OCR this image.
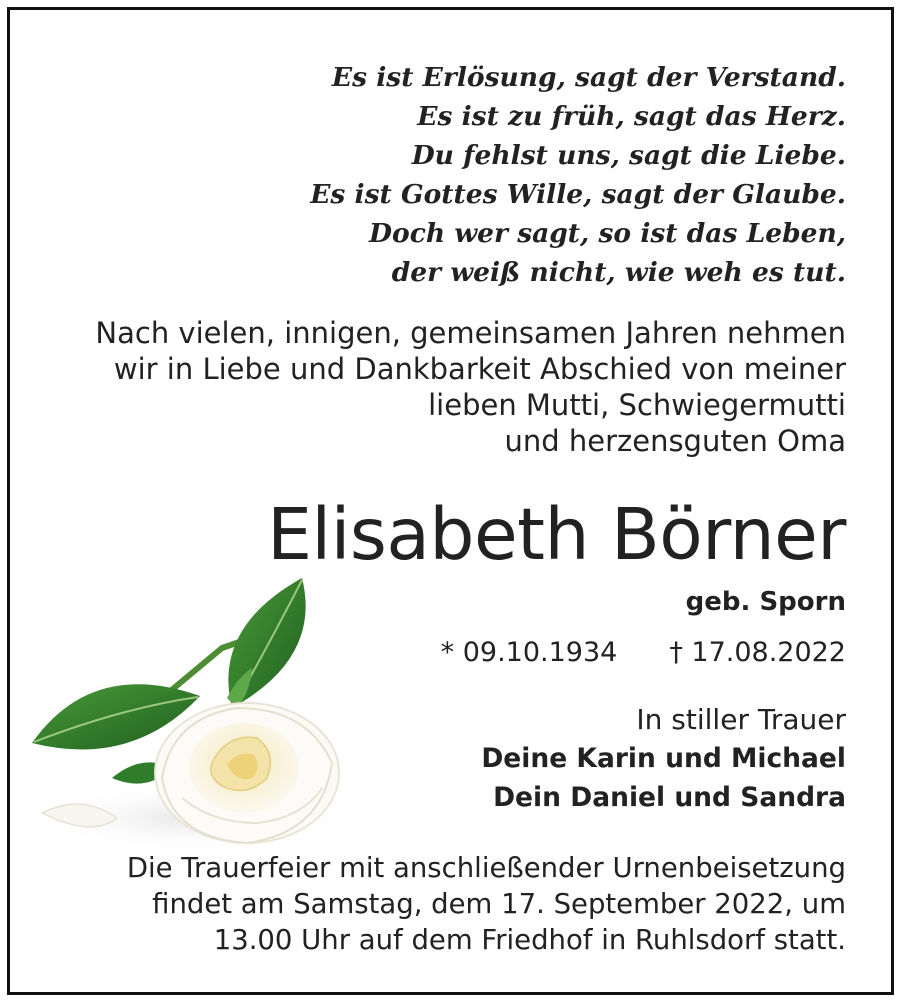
Es ist Erlösung, sagt der Verstand.
Es ist zu früh, sagt das Herz.
Du fehlst uns, sagt die Liebe.
Es ist Gottes Wille, sagt der Glaube.
Doch wer sagt, so ist das Leben,
der weiß nicht, wie weh es tut.
Nach vielen, innigen, gemeinsamen Jahren nehmen
wir in Liebe und Dankbarkeit Abschied von meiner
lieben Mutti, Schwiegermutti
und herzensguten Oma
Elisabeth Börner
geb. Sporn
* 09.10.1934 † 17.08.2022
In stiller Trauer
Deine Karin und Michael
Dein Daniel und Sandra
Die Trauerfeier mit anschließender Urnenbeisetzung
findet am Samstag, dem 17. September 2022, um
13.00 Uhr auf dem Friedhof in Ruhlsdorf statt.
